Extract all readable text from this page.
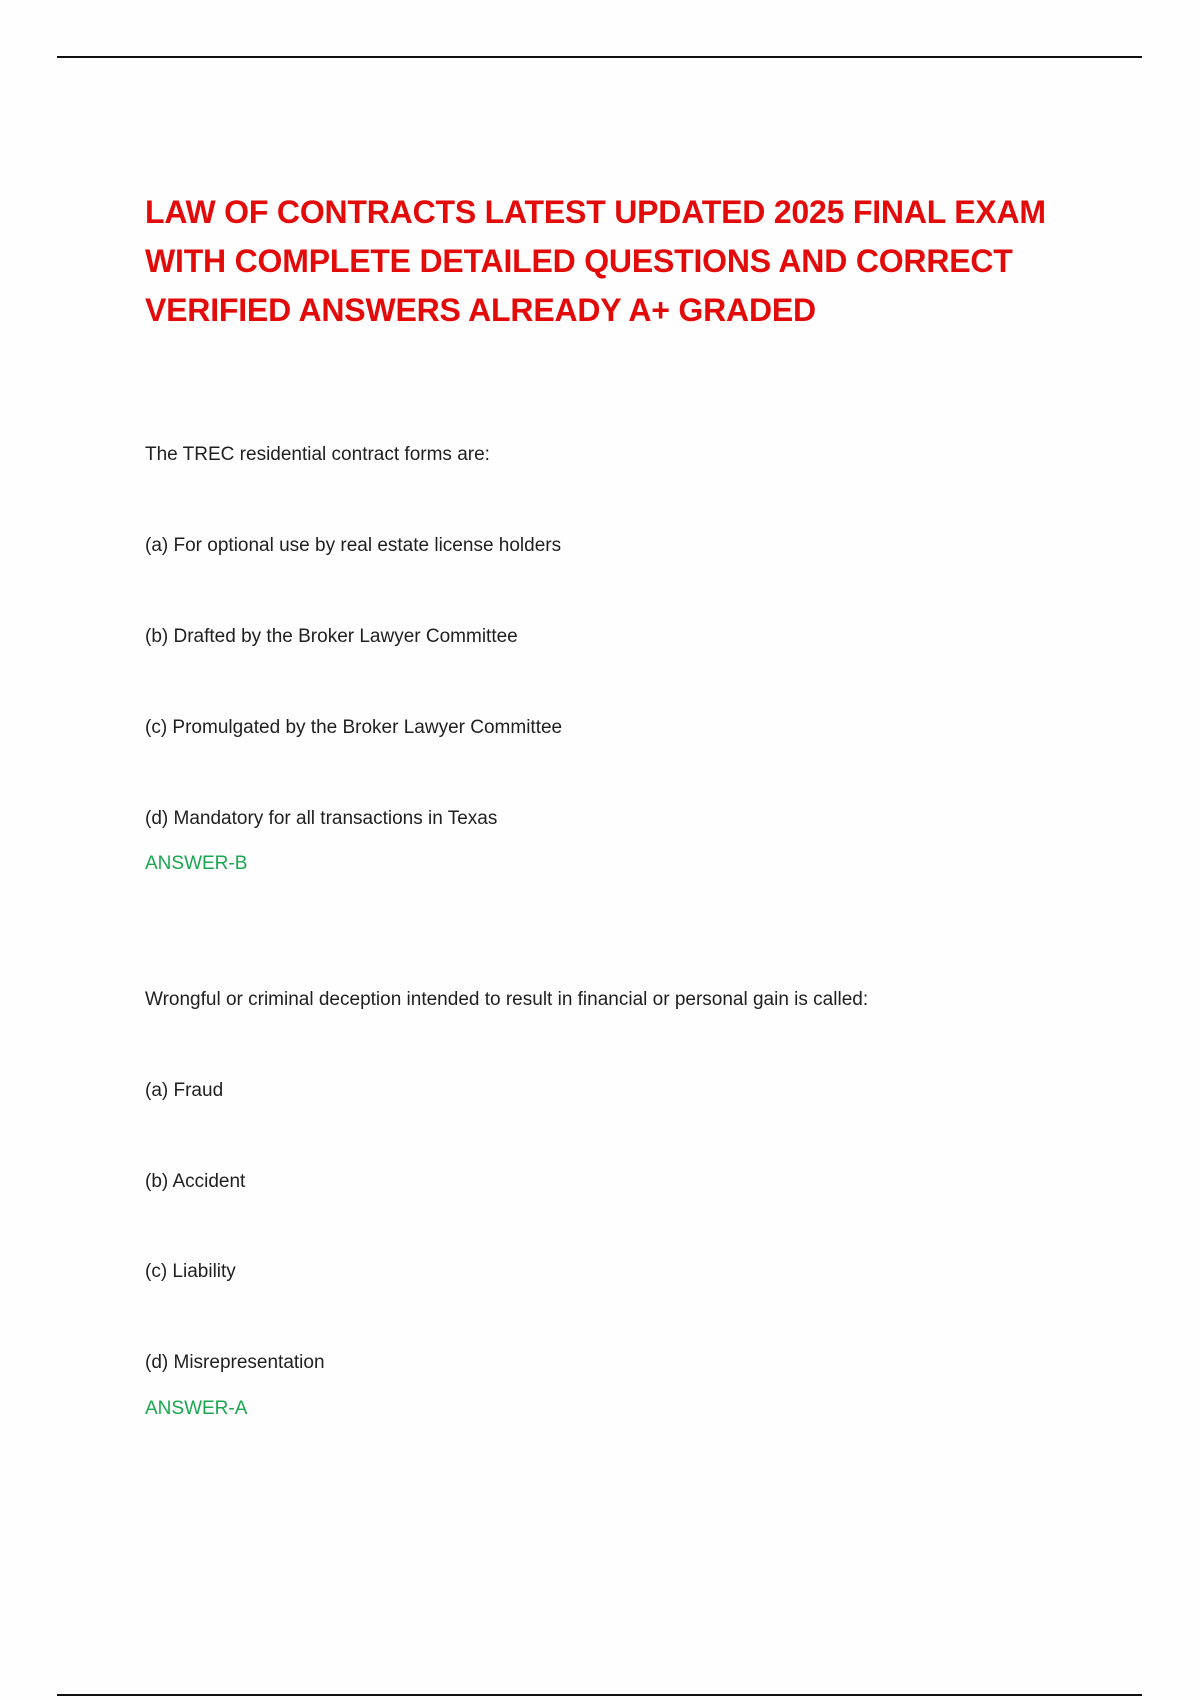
LAW OF CONTRACTS LATEST UPDATED 2025 FINAL EXAM
WITH COMPLETE DETAILED QUESTIONS AND CORRECT
VERIFIED ANSWERS ALREADY A+ GRADED

The TREC residential contract forms are:

(a) For optional use by real estate license holders

(b) Drafted by the Broker Lawyer Committee

(c) Promulgated by the Broker Lawyer Committee

(d) Mandatory for all transactions in Texas

ANSWER-B

Wrongful or criminal deception intended to result in financial or personal gain is called:

(a) Fraud

(b) Accident

(c) Liability

(d) Misrepresentation

ANSWER-A
